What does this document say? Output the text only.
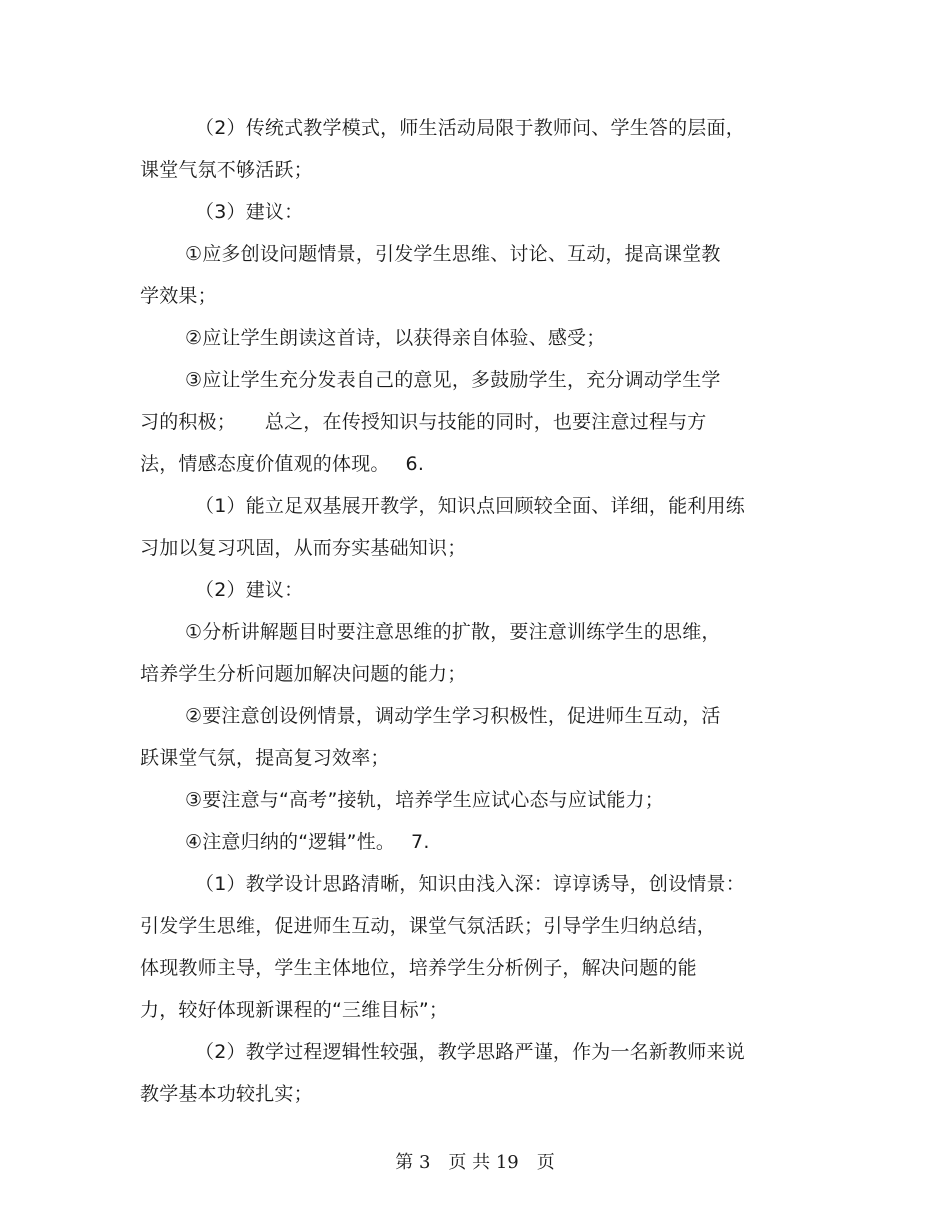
（2）传统式教学模式，师生活动局限于教师问、学生答的层面，
课堂气氛不够活跃；
（3）建议：
①应多创设问题情景，引发学生思维、讨论、互动，提高课堂教
学效果；
②应让学生朗读这首诗，以获得亲自体验、感受；
③应让学生充分发表自己的意见，多鼓励学生，充分调动学生学
习的积极；　　总之，在传授知识与技能的同时，也要注意过程与方
法，情感态度价值观的体现。　 6.
（1）能立足双基展开教学，知识点回顾较全面、详细，能利用练
习加以复习巩固，从而夯实基础知识；
（2）建议：
①分析讲解题目时要注意思维的扩散，要注意训练学生的思维，
培养学生分析问题加解决问题的能力；
②要注意创设例情景，调动学生学习积极性，促进师生互动，活
跃课堂气氛，提高复习效率；
③要注意与“高考”接轨，培养学生应试心态与应试能力；
④注意归纳的“逻辑”性。　 7.
（1）教学设计思路清晰，知识由浅入深：谆谆诱导，创设情景：
引发学生思维，促进师生互动，课堂气氛活跃；引导学生归纳总结，
体现教师主导，学生主体地位，培养学生分析例子，解决问题的能
力，较好体现新课程的“三维目标”；
（2）教学过程逻辑性较强，教学思路严谨，作为一名新教师来说
教学基本功较扎实；
第 3　页 共 19　页
